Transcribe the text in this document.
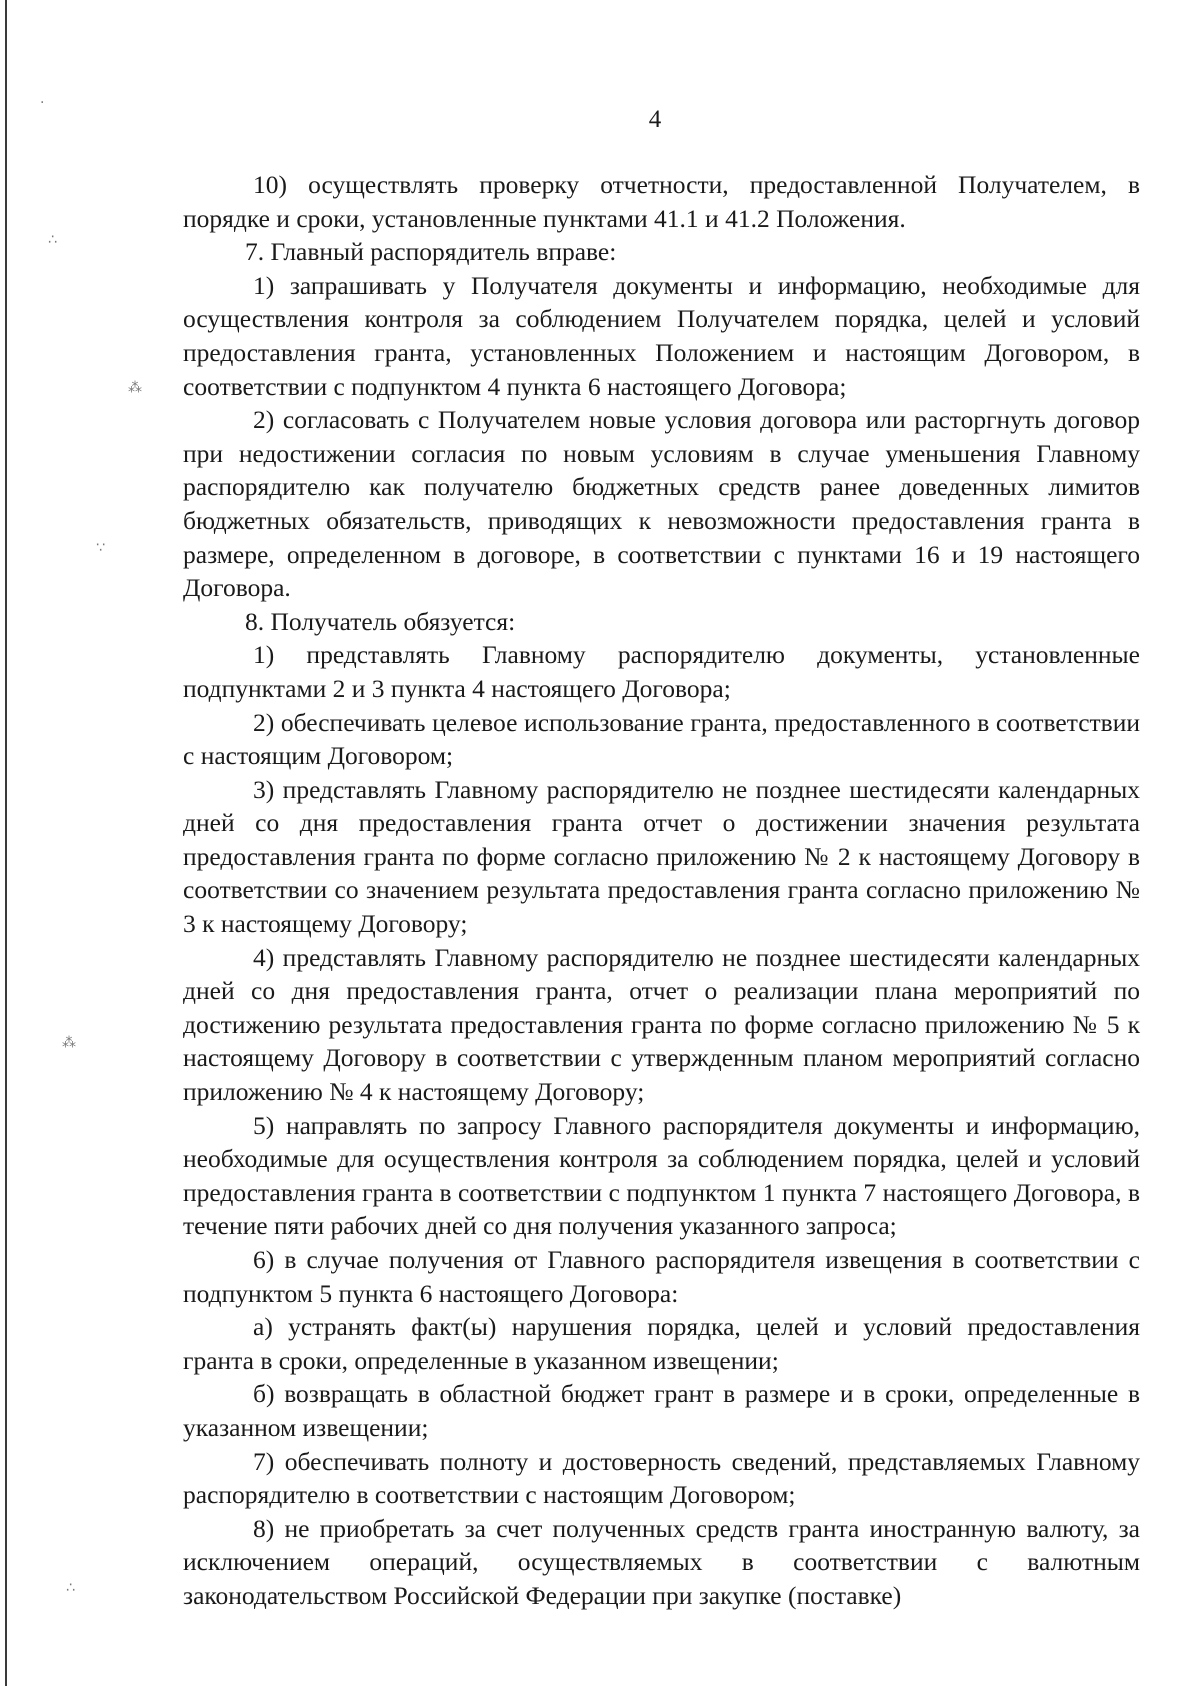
·
∴
⁂
∵
⁂
∴
4

10) осуществлять проверку отчетности, предоставленной Получателем, в порядке и сроки, установленные пунктами 41.1 и 41.2 Положения.

7. Главный распорядитель вправе:

1) запрашивать у Получателя документы и информацию, необходимые для осуществления контроля за соблюдением Получателем порядка, целей и условий предоставления гранта, установленных Положением и настоящим Договором, в соответствии с подпунктом 4 пункта 6 настоящего Договора;

2) согласовать с Получателем новые условия договора или расторгнуть договор при недостижении согласия по новым условиям в случае уменьшения Главному распорядителю как получателю бюджетных средств ранее доведенных лимитов бюджетных обязательств, приводящих к невозможности предоставления гранта в размере, определенном в договоре, в соответствии с пунктами 16 и 19 настоящего Договора.

8. Получатель обязуется:

1) представлять Главному распорядителю документы, установленные подпунктами 2 и 3 пункта 4 настоящего Договора;

2) обеспечивать целевое использование гранта, предоставленного в соответствии с настоящим Договором;

3) представлять Главному распорядителю не позднее шестидесяти календарных дней со дня предоставления гранта отчет о достижении значения результата предоставления гранта по форме согласно приложению № 2 к настоящему Договору в соответствии со значением результата предоставления гранта согласно приложению № 3 к настоящему Договору;

4) представлять Главному распорядителю не позднее шестидесяти календарных дней со дня предоставления гранта, отчет о реализации плана мероприятий по достижению результата предоставления гранта по форме согласно приложению № 5 к настоящему Договору в соответствии с утвержденным планом мероприятий согласно приложению № 4 к настоящему Договору;

5) направлять по запросу Главного распорядителя документы и информацию, необходимые для осуществления контроля за соблюдением порядка, целей и условий предоставления гранта в соответствии с подпунктом 1 пункта 7 настоящего Договора, в течение пяти рабочих дней со дня получения указанного запроса;

6) в случае получения от Главного распорядителя извещения в соответствии с подпунктом 5 пункта 6 настоящего Договора:

а) устранять факт(ы) нарушения порядка, целей и условий предоставления гранта в сроки, определенные в указанном извещении;

б) возвращать в областной бюджет грант в размере и в сроки, определенные в указанном извещении;

7) обеспечивать полноту и достоверность сведений, представляемых Главному распорядителю в соответствии с настоящим Договором;

8) не приобретать за счет полученных средств гранта иностранную валюту, за исключением операций, осуществляемых в соответствии с валютным законодательством Российской Федерации при закупке (поставке)
